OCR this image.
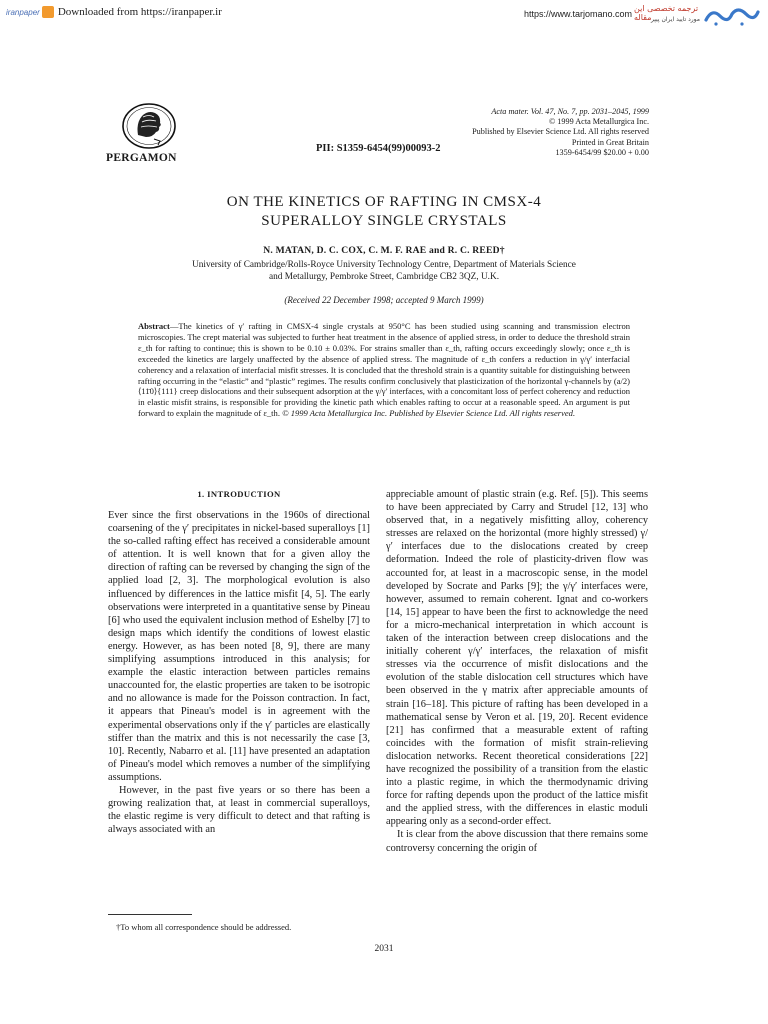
iranpaper Downloaded from https://iranpaper.ir	https://www.tarjomano.com
ترجمه تخصصی این مقاله مورد تایید ایران پیپر
PERGAMON
PII: S1359-6454(99)00093-2
Acta mater. Vol. 47, No. 7, pp. 2031–2045, 1999
© 1999 Acta Metallurgica Inc.
Published by Elsevier Science Ltd. All rights reserved
Printed in Great Britain
1359-6454/99 $20.00 + 0.00
ON THE KINETICS OF RAFTING IN CMSX-4
SUPERALLOY SINGLE CRYSTALS
N. MATAN, D. C. COX, C. M. F. RAE and R. C. REED†
University of Cambridge/Rolls-Royce University Technology Centre, Department of Materials Science
and Metallurgy, Pembroke Street, Cambridge CB2 3QZ, U.K.
(Received 22 December 1998; accepted 9 March 1999)
Abstract—The kinetics of γ′ rafting in CMSX-4 single crystals at 950°C has been studied using scanning and transmission electron microscopies. The crept material was subjected to further heat treatment in the absence of applied stress, in order to deduce the threshold strain ε_th for rafting to continue; this is shown to be 0.10 ± 0.03%. For strains smaller than ε_th, rafting occurs exceedingly slowly; once ε_th is exceeded the kinetics are largely unaffected by the absence of applied stress. The magnitude of ε_th confers a reduction in γ/γ′ interfacial coherency and a relaxation of interfacial misfit stresses. It is concluded that the threshold strain is a quantity suitable for distinguishing between rafting occurring in the “elastic” and “plastic” regimes. The results confirm conclusively that plasticization of the horizontal γ-channels by (a/2)⟨11̄0⟩{111} creep dislocations and their subsequent adsorption at the γ/γ′ interfaces, with a concomitant loss of perfect coherency and reduction in elastic misfit strains, is responsible for providing the kinetic path which enables rafting to occur at a reasonable speed. An argument is put forward to explain the magnitude of ε_th. © 1999 Acta Metallurgica Inc. Published by Elsevier Science Ltd. All rights reserved.
1. INTRODUCTION

Ever since the first observations in the 1960s of directional coarsening of the γ′ precipitates in nickel-based superalloys [1] the so-called rafting effect has received a considerable amount of attention. It is well known that for a given alloy the direction of rafting can be reversed by changing the sign of the applied load [2, 3]. The morphological evolution is also influenced by differences in the lattice misfit [4, 5]. The early observations were interpreted in a quantitative sense by Pineau [6] who used the equivalent inclusion method of Eshelby [7] to design maps which identify the conditions of lowest elastic energy. However, as has been noted [8, 9], there are many simplifying assumptions introduced in this analysis; for example the elastic interaction between particles remains unaccounted for, the elastic properties are taken to be isotropic and no allowance is made for the Poisson contraction. In fact, it appears that Pineau's model is in agreement with the experimental observations only if the γ′ particles are elastically stiffer than the matrix and this is not necessarily the case [3, 10]. Recently, Nabarro et al. [11] have presented an adaptation of Pineau's model which removes a number of the simplifying assumptions.

However, in the past five years or so there has been a growing realization that, at least in commercial superalloys, the elastic regime is very difficult to detect and that rafting is always associated with an

appreciable amount of plastic strain (e.g. Ref. [5]). This seems to have been appreciated by Carry and Strudel [12, 13] who observed that, in a negatively misfitting alloy, coherency stresses are relaxed on the horizontal (more highly stressed) γ/γ′ interfaces due to the dislocations created by creep deformation. Indeed the role of plasticity-driven flow was accounted for, at least in a macroscopic sense, in the model developed by Socrate and Parks [9]; the γ/γ′ interfaces were, however, assumed to remain coherent. Ignat and co-workers [14, 15] appear to have been the first to acknowledge the need for a micro-mechanical interpretation in which account is taken of the interaction between creep dislocations and the initially coherent γ/γ′ interfaces, the relaxation of misfit stresses via the occurrence of misfit dislocations and the evolution of the stable dislocation cell structures which have been observed in the γ matrix after appreciable amounts of strain [16–18]. This picture of rafting has been developed in a mathematical sense by Veron et al. [19, 20]. Recent evidence [21] has confirmed that a measurable extent of rafting coincides with the formation of misfit strain-relieving dislocation networks. Recent theoretical considerations [22] have recognized the possibility of a transition from the elastic into a plastic regime, in which the thermodynamic driving force for rafting depends upon the product of the lattice misfit and the applied stress, with the differences in elastic moduli appearing only as a second-order effect.

It is clear from the above discussion that there remains some controversy concerning the origin of

†To whom all correspondence should be addressed.
2031
